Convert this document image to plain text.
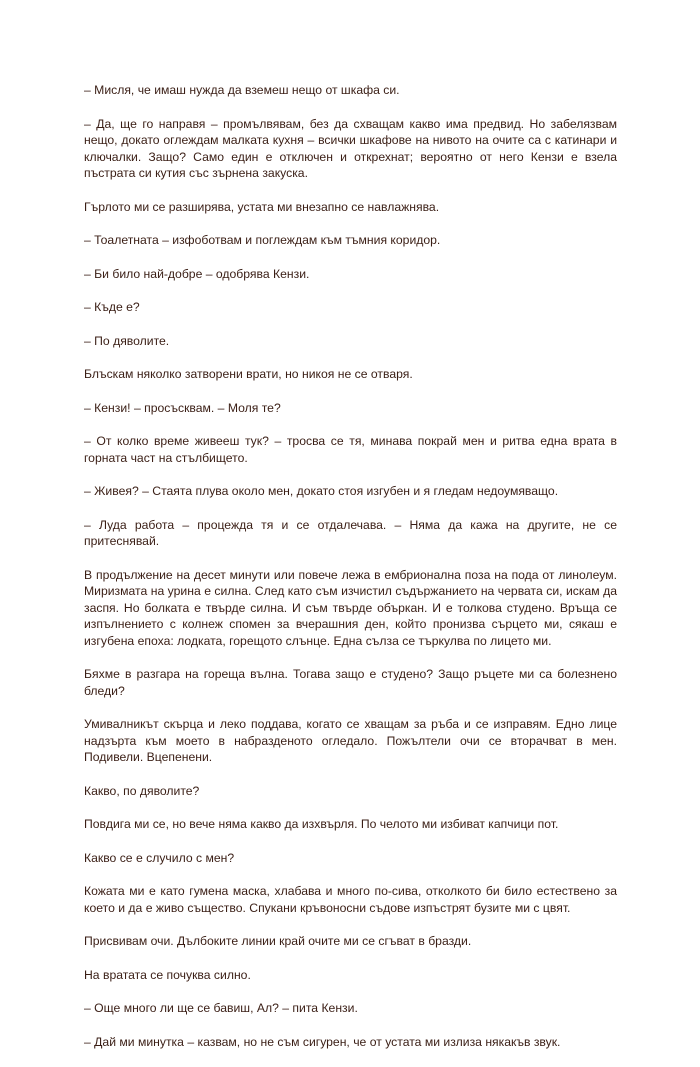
– Мисля, че имаш нужда да вземеш нещо от шкафа си.

– Да, ще го направя – промълвявам, без да схващам какво има предвид. Но забелязвам нещо, докато оглеждам малката кухня – всички шкафове на нивото на очите са с катинари и ключалки. Защо? Само един е отключен и открехнат; вероятно от него Кензи е взела пъстрата си кутия със зърнена закуска.

Гърлото ми се разширява, устата ми внезапно се навлажнява.

– Тоалетната – изфоботвам и поглеждам към тъмния коридор.

– Би било най-добре – одобрява Кензи.

– Къде е?

– По дяволите.

Блъскам няколко затворени врати, но никоя не се отваря.

– Кензи! – просъсквам. – Моля те?

– От колко време живееш тук? – тросва се тя, минава покрай мен и ритва една врата в горната част на стълбището.

– Живея? – Стаята плува около мен, докато стоя изгубен и я гледам недоумяващо.

– Луда работа – процежда тя и се отдалечава. – Няма да кажа на другите, не се притеснявай.

В продължение на десет минути или повече лежа в ембрионална поза на пода от линолеум. Миризмата на урина е силна. След като съм изчистил съдържанието на червата си, искам да заспя. Но болката е твърде силна. И съм твърде объркан. И е толкова студено. Връща се изпълнението с колнеж спомен за вчерашния ден, който пронизва сърцето ми, сякаш е изгубена епоха: лодката, горещото слънце. Една сълза се търкулва по лицето ми.

Бяхме в разгара на гореща вълна. Тогава защо е студено? Защо ръцете ми са болезнено бледи?

Умивалникът скърца и леко поддава, когато се хващам за ръба и се изправям. Едно лице надзърта към моето в набразденото огледало. Пожълтели очи се вторачват в мен. Подивели. Вцепенени.

Какво, по дяволите?

Повдига ми се, но вече няма какво да изхвърля. По челото ми избиват капчици пот.

Какво се е случило с мен?

Кожата ми е като гумена маска, хлабава и много по-сива, отколкото би било естествено за което и да е живо същество. Спукани кръвоносни съдове изпъстрят бузите ми с цвят.

Присвивам очи. Дълбоките линии край очите ми се сгъват в бразди.

На вратата се почуква силно.

– Още много ли ще се бавиш, Ал? – пита Кензи.

– Дай ми минутка – казвам, но не съм сигурен, че от устата ми излиза някакъв звук.
